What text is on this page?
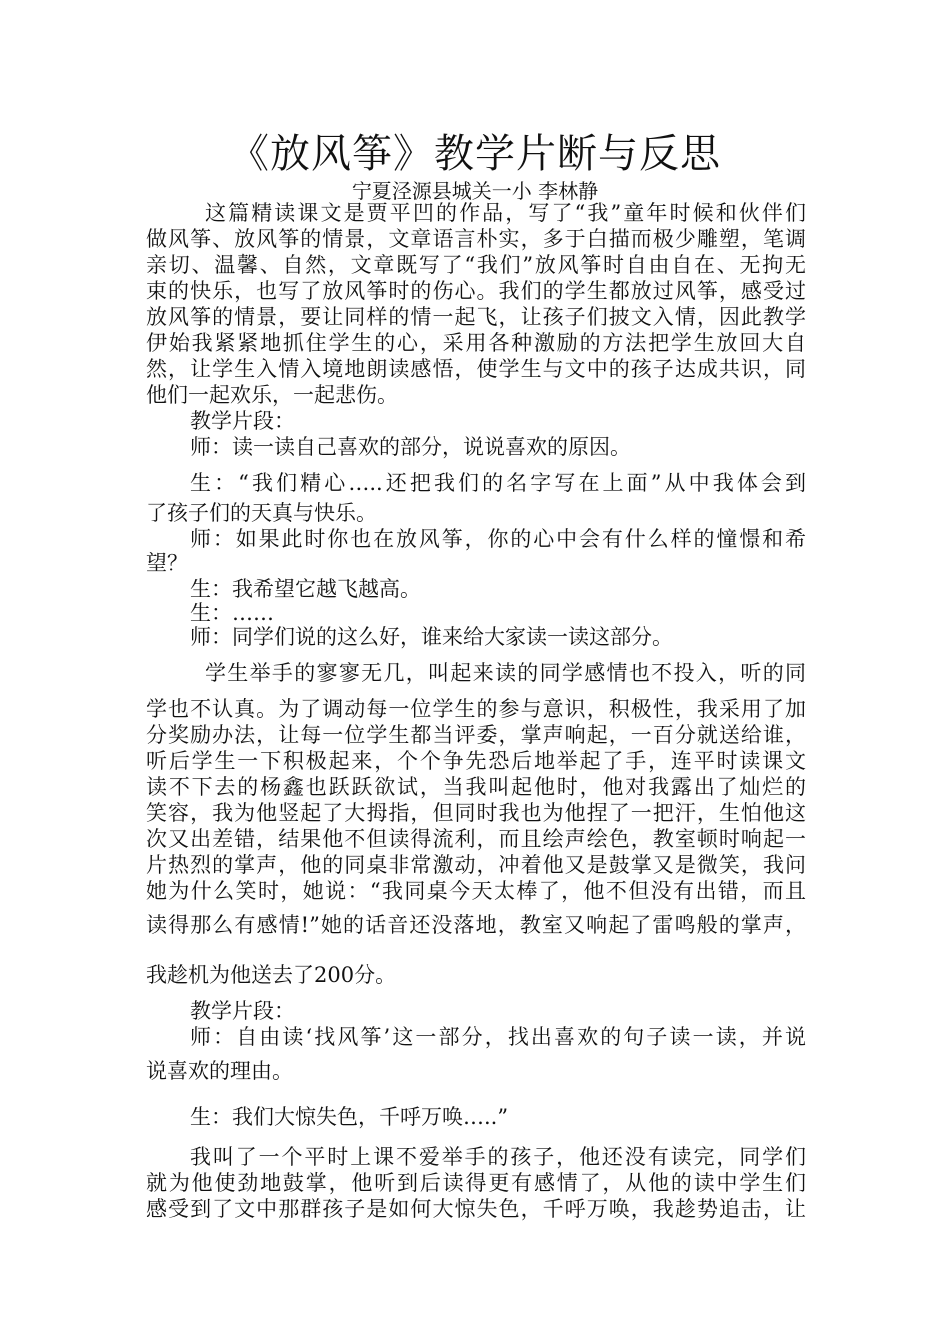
《放风筝》教学片断与反思
宁夏泾源县城关一小 李林静
这篇精读课文是贾平凹的作品，写了“我”童年时候和伙伴们
做风筝、放风筝的情景，文章语言朴实，多于白描而极少雕塑，笔调
亲切、温馨、自然，文章既写了“我们”放风筝时自由自在、无拘无
束的快乐，也写了放风筝时的伤心。我们的学生都放过风筝，感受过
放风筝的情景，要让同样的情一起飞，让孩子们披文入情，因此教学
伊始我紧紧地抓住学生的心，采用各种激励的方法把学生放回大自
然，让学生入情入境地朗读感悟，使学生与文中的孩子达成共识，同
他们一起欢乐，一起悲伤。
教学片段：
师：读一读自己喜欢的部分，说说喜欢的原因。
生：“我们精心…..还把我们的名字写在上面”从中我体会到
了孩子们的天真与快乐。
师：如果此时你也在放风筝，你的心中会有什么样的憧憬和希
望？
生：我希望它越飞越高。
生：……
师：同学们说的这么好，谁来给大家读一读这部分。
学生举手的寥寥无几，叫起来读的同学感情也不投入，听的同
学也不认真。为了调动每一位学生的参与意识，积极性，我采用了加
分奖励办法，让每一位学生都当评委，掌声响起，一百分就送给谁，
听后学生一下积极起来，个个争先恐后地举起了手，连平时读课文
读不下去的杨鑫也跃跃欲试，当我叫起他时，他对我露出了灿烂的
笑容，我为他竖起了大拇指，但同时我也为他捏了一把汗，生怕他这
次又出差错，结果他不但读得流利，而且绘声绘色，教室顿时响起一
片热烈的掌声，他的同桌非常激动，冲着他又是鼓掌又是微笑，我问
她为什么笑时，她说：“我同桌今天太棒了，他不但没有出错，而且
读得那么有感情!”她的话音还没落地，教室又响起了雷鸣般的掌声，
我趁机为他送去了200分。
教学片段：
师：自由读‘找风筝’这一部分，找出喜欢的句子读一读，并说
说喜欢的理由。
生：我们大惊失色，千呼万唤…..”
我叫了一个平时上课不爱举手的孩子，他还没有读完，同学们
就为他使劲地鼓掌，他听到后读得更有感情了，从他的读中学生们
感受到了文中那群孩子是如何大惊失色，千呼万唤，我趁势追击，让
